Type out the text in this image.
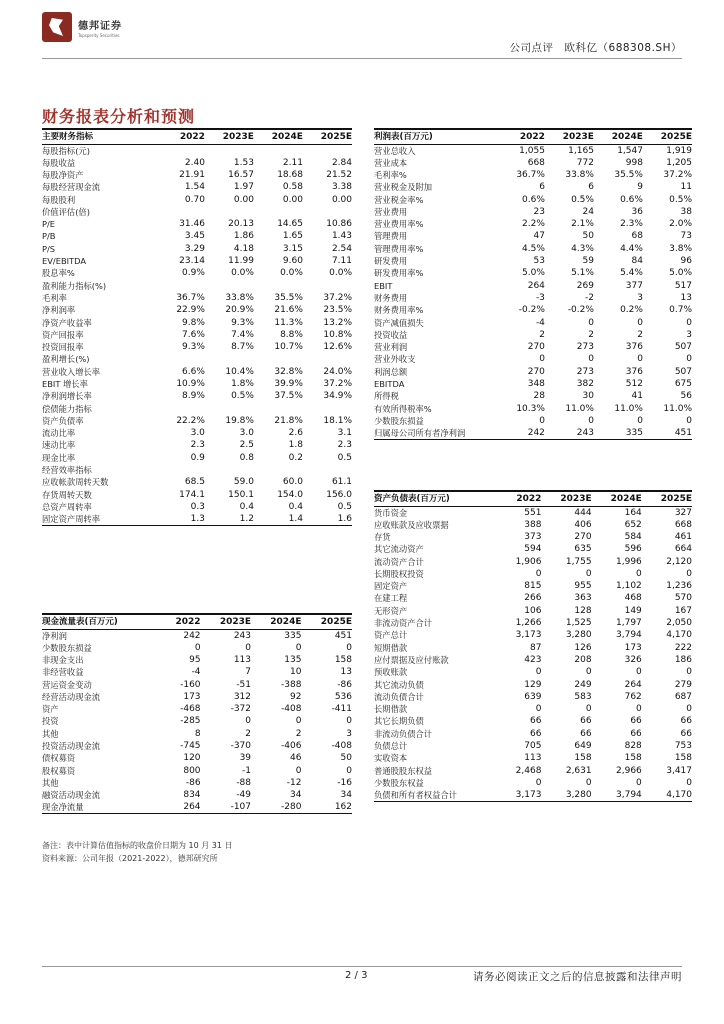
德邦证券
Topsperity Securities
公司点评　欧科亿（688308.SH）
财务报表分析和预测
主要财务指标	2022	2023E	2024E	2025E
每股指标(元)				
每股收益	2.40	1.53	2.11	2.84
每股净资产	21.91	16.57	18.68	21.52
每股经营现金流	1.54	1.97	0.58	3.38
每股股利	0.70	0.00	0.00	0.00
价值评估(倍)				
P/E	31.46	20.13	14.65	10.86
P/B	3.45	1.86	1.65	1.43
P/S	3.29	4.18	3.15	2.54
EV/EBITDA	23.14	11.99	9.60	7.11
股息率%	0.9%	0.0%	0.0%	0.0%
盈利能力指标(%)				
毛利率	36.7%	33.8%	35.5%	37.2%
净利润率	22.9%	20.9%	21.6%	23.5%
净资产收益率	9.8%	9.3%	11.3%	13.2%
资产回报率	7.6%	7.4%	8.8%	10.8%
投资回报率	9.3%	8.7%	10.7%	12.6%
盈利增长(%)				
营业收入增长率	6.6%	10.4%	32.8%	24.0%
EBIT 增长率	10.9%	1.8%	39.9%	37.2%
净利润增长率	8.9%	0.5%	37.5%	34.9%
偿债能力指标				
资产负债率	22.2%	19.8%	21.8%	18.1%
流动比率	3.0	3.0	2.6	3.1
速动比率	2.3	2.5	1.8	2.3
现金比率	0.9	0.8	0.2	0.5
经营效率指标				
应收帐款周转天数	68.5	59.0	60.0	61.1
存货周转天数	174.1	150.1	154.0	156.0
总资产周转率	0.3	0.4	0.4	0.5
固定资产周转率	1.3	1.2	1.4	1.6
利润表(百万元)	2022	2023E	2024E	2025E
营业总收入	1,055	1,165	1,547	1,919
营业成本	668	772	998	1,205
毛利率%	36.7%	33.8%	35.5%	37.2%
营业税金及附加	6	6	9	11
营业税金率%	0.6%	0.5%	0.6%	0.5%
营业费用	23	24	36	38
营业费用率%	2.2%	2.1%	2.3%	2.0%
管理费用	47	50	68	73
管理费用率%	4.5%	4.3%	4.4%	3.8%
研发费用	53	59	84	96
研发费用率%	5.0%	5.1%	5.4%	5.0%
EBIT	264	269	377	517
财务费用	-3	-2	3	13
财务费用率%	-0.2%	-0.2%	0.2%	0.7%
资产减值损失	-4	0	0	0
投资收益	2	2	2	3
营业利润	270	273	376	507
营业外收支	0	0	0	0
利润总额	270	273	376	507
EBITDA	348	382	512	675
所得税	28	30	41	56
有效所得税率%	10.3%	11.0%	11.0%	11.0%
少数股东损益	0	0	0	0
归属母公司所有者净利润	242	243	335	451
现金流量表(百万元)	2022	2023E	2024E	2025E
净利润	242	243	335	451
少数股东损益	0	0	0	0
非现金支出	95	113	135	158
非经营收益	-4	7	10	13
营运资金变动	-160	-51	-388	-86
经营活动现金流	173	312	92	536
资产	-468	-372	-408	-411
投资	-285	0	0	0
其他	8	2	2	3
投资活动现金流	-745	-370	-406	-408
债权募资	120	39	46	50
股权募资	800	-1	0	0
其他	-86	-88	-12	-16
融资活动现金流	834	-49	34	34
现金净流量	264	-107	-280	162
资产负债表(百万元)	2022	2023E	2024E	2025E
货币资金	551	444	164	327
应收账款及应收票据	388	406	652	668
存货	373	270	584	461
其它流动资产	594	635	596	664
流动资产合计	1,906	1,755	1,996	2,120
长期股权投资	0	0	0	0
固定资产	815	955	1,102	1,236
在建工程	266	363	468	570
无形资产	106	128	149	167
非流动资产合计	1,266	1,525	1,797	2,050
资产总计	3,173	3,280	3,794	4,170
短期借款	87	126	173	222
应付票据及应付账款	423	208	326	186
预收账款	0	0	0	0
其它流动负债	129	249	264	279
流动负债合计	639	583	762	687
长期借款	0	0	0	0
其它长期负债	66	66	66	66
非流动负债合计	66	66	66	66
负债总计	705	649	828	753
实收资本	113	158	158	158
普通股股东权益	2,468	2,631	2,966	3,417
少数股东权益	0	0	0	0
负债和所有者权益合计	3,173	3,280	3,794	4,170
备注：表中计算估值指标的收盘价日期为 10 月 31 日
资料来源：公司年报（2021-2022），德邦研究所
2 / 3	请务必阅读正文之后的信息披露和法律声明
